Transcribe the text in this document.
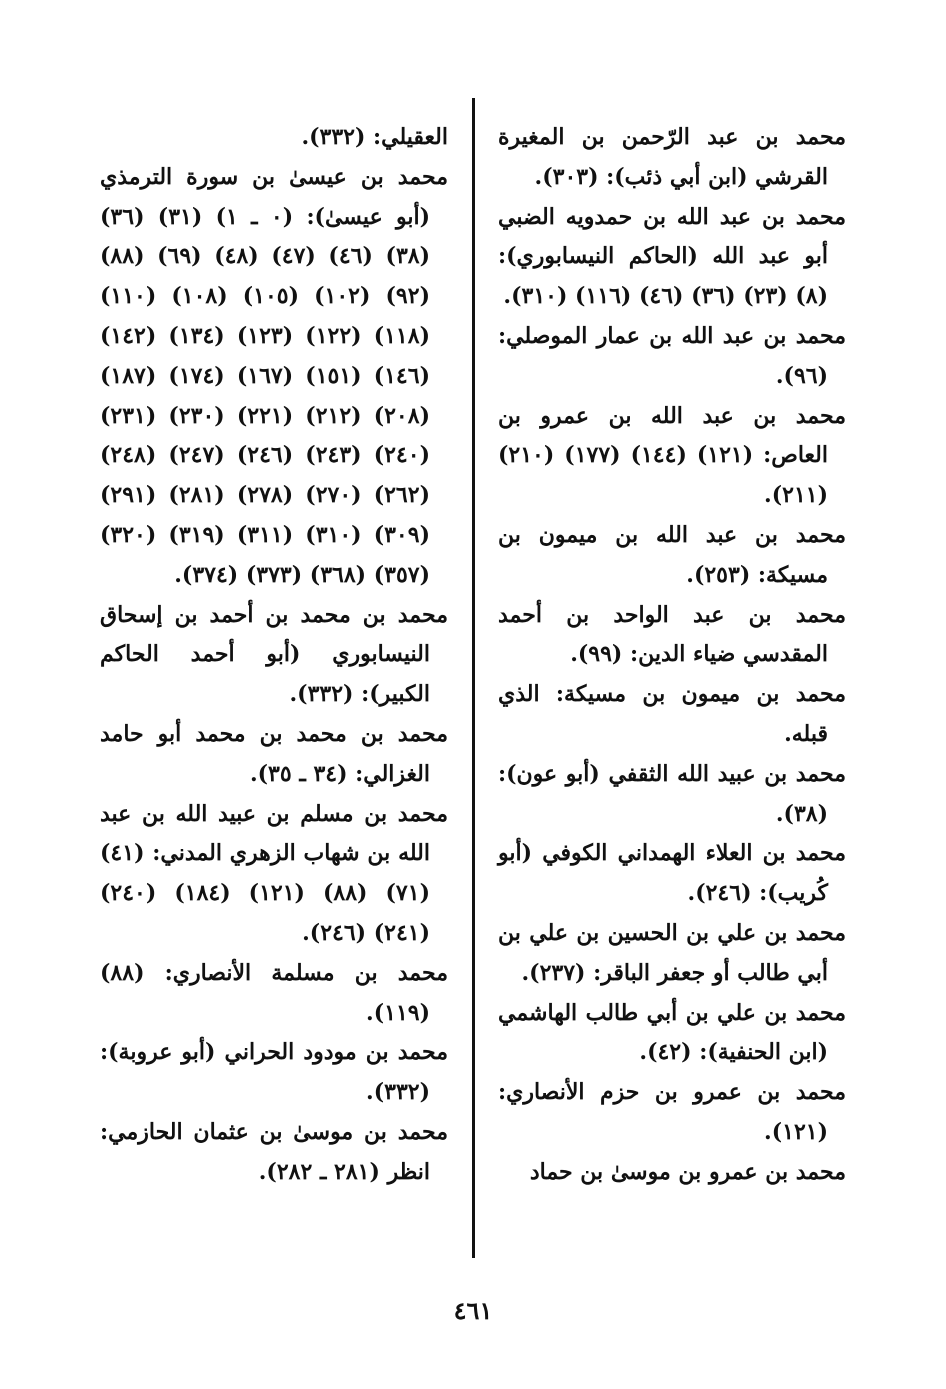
محمد بن عبد الرّحمن بن المغيرة القرشي (ابن أبي ذئب): (٣٠٣).

محمد بن عبد الله بن حمدويه الضبي أبو عبد الله (الحاكم النيسابوري): (٨) (٢٣) (٣٦) (٤٦) (١١٦) (٣١٠).

محمد بن عبد الله بن عمار الموصلي: (٩٦).

محمد بن عبد الله بن عمرو بن العاص: (١٢١) (١٤٤) (١٧٧) (٢١٠) (٢١١).

محمد بن عبد الله بن ميمون بن مسيكة: (٢٥٣).

محمد بن عبد الواحد بن أحمد المقدسي ضياء الدين: (٩٩).

محمد بن ميمون بن مسيكة: الذي قبله.

محمد بن عبيد الله الثقفي (أبو عون): (٣٨).

محمد بن العلاء الهمداني الكوفي (أبو كُريب): (٢٤٦).

محمد بن علي بن الحسين بن علي بن أبي طالب أو جعفر الباقر: (٢٣٧).

محمد بن علي بن أبي طالب الهاشمي (ابن الحنفية): (٤٢).

محمد بن عمرو بن حزم الأنصاري: (١٢١).

محمد بن عمرو بن موسىٰ بن حماد

العقيلي: (٣٣٢).

محمد بن عيسىٰ بن سورة الترمذي (أبو عيسىٰ): (٠ ـ ١) (٣١) (٣٦) (٣٨) (٤٦) (٤٧) (٤٨) (٦٩) (٨٨) (٩٢) (١٠٢) (١٠٥) (١٠٨) (١١٠) (١١٨) (١٢٢) (١٢٣) (١٣٤) (١٤٢) (١٤٦) (١٥١) (١٦٧) (١٧٤) (١٨٧) (٢٠٨) (٢١٢) (٢٢١) (٢٣٠) (٢٣١) (٢٤٠) (٢٤٣) (٢٤٦) (٢٤٧) (٢٤٨) (٢٦٢) (٢٧٠) (٢٧٨) (٢٨١) (٢٩١) (٣٠٩) (٣١٠) (٣١١) (٣١٩) (٣٢٠) (٣٥٧) (٣٦٨) (٣٧٣) (٣٧٤).

محمد بن محمد بن أحمد بن إسحاق النيسابوري (أبو أحمد الحاكم الكبير): (٣٣٢).

محمد بن محمد بن محمد أبو حامد الغزالي: (٣٤ ـ ٣٥).

محمد بن مسلم بن عبيد الله بن عبد الله بن شهاب الزهري المدني: (٤١) (٧١) (٨٨) (١٢١) (١٨٤) (٢٤٠) (٢٤١) (٢٤٦).

محمد بن مسلمة الأنصاري: (٨٨) (١١٩).

محمد بن مودود الحراني (أبو عروبة): (٣٣٢).

محمد بن موسىٰ بن عثمان الحازمي: انظر (٢٨١ ـ ٢٨٢).

٤٦١
